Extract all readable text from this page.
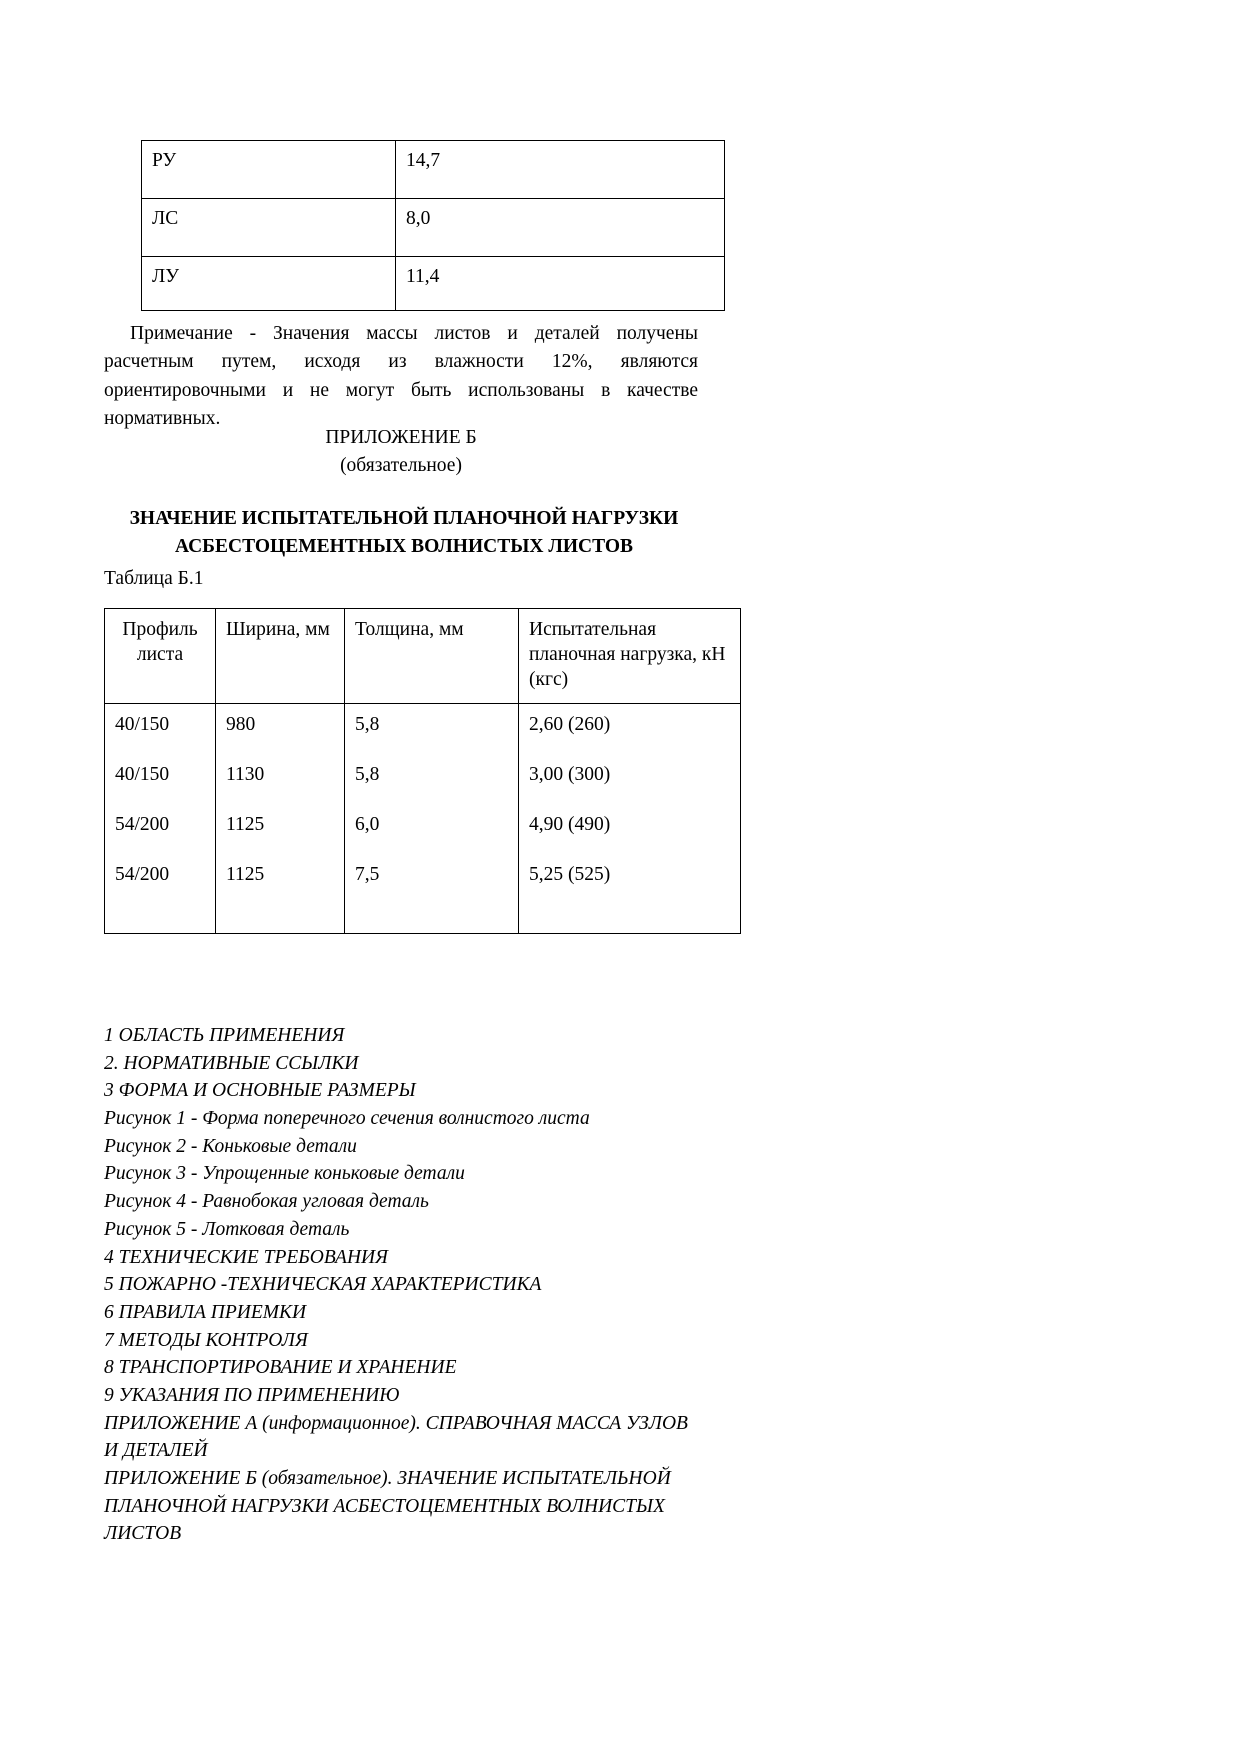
РУ	14,7
ЛС	8,0
ЛУ	11,4

Примечание - Значения массы листов и деталей получены расчетным путем, исходя из влажности 12%, являются ориентировочными и не могут быть использованы в качестве нормативных.

ПРИЛОЖЕНИЕ Б
(обязательное)
ЗНАЧЕНИЕ ИСПЫТАТЕЛЬНОЙ ПЛАНОЧНОЙ НАГРУЗКИ
АСБЕСТОЦЕМЕНТНЫХ ВОЛНИСТЫХ ЛИСТОВ
Таблица Б.1
Профиль листа	Ширина, мм	Толщина, мм	Испытательная планочная нагрузка, кН (кгс)
40/150	980	5,8	2,60 (260)
40/150	1130	5,8	3,00 (300)
54/200	1125	6,0	4,90 (490)
54/200	1125	7,5	5,25 (525)
1 ОБЛАСТЬ ПРИМЕНЕНИЯ
2. НОРМАТИВНЫЕ ССЫЛКИ
3 ФОРМА И ОСНОВНЫЕ РАЗМЕРЫ
Рисунок 1 - Форма поперечного сечения волнистого листа
Рисунок 2 - Коньковые детали
Рисунок 3 - Упрощенные коньковые детали
Рисунок 4 - Равнобокая угловая деталь
Рисунок 5 - Лотковая деталь
4 ТЕХНИЧЕСКИЕ ТРЕБОВАНИЯ
5 ПОЖАРНО -ТЕХНИЧЕСКАЯ ХАРАКТЕРИСТИКА
6 ПРАВИЛА ПРИЕМКИ
7 МЕТОДЫ КОНТРОЛЯ
8 ТРАНСПОРТИРОВАНИЕ И ХРАНЕНИЕ
9 УКАЗАНИЯ ПО ПРИМЕНЕНИЮ
ПРИЛОЖЕНИЕ А (информационное). СПРАВОЧНАЯ МАССА УЗЛОВ И ДЕТАЛЕЙ
ПРИЛОЖЕНИЕ Б (обязательное). ЗНАЧЕНИЕ ИСПЫТАТЕЛЬНОЙ ПЛАНОЧНОЙ НАГРУЗКИ АСБЕСТОЦЕМЕНТНЫХ ВОЛНИСТЫХ ЛИСТОВ
